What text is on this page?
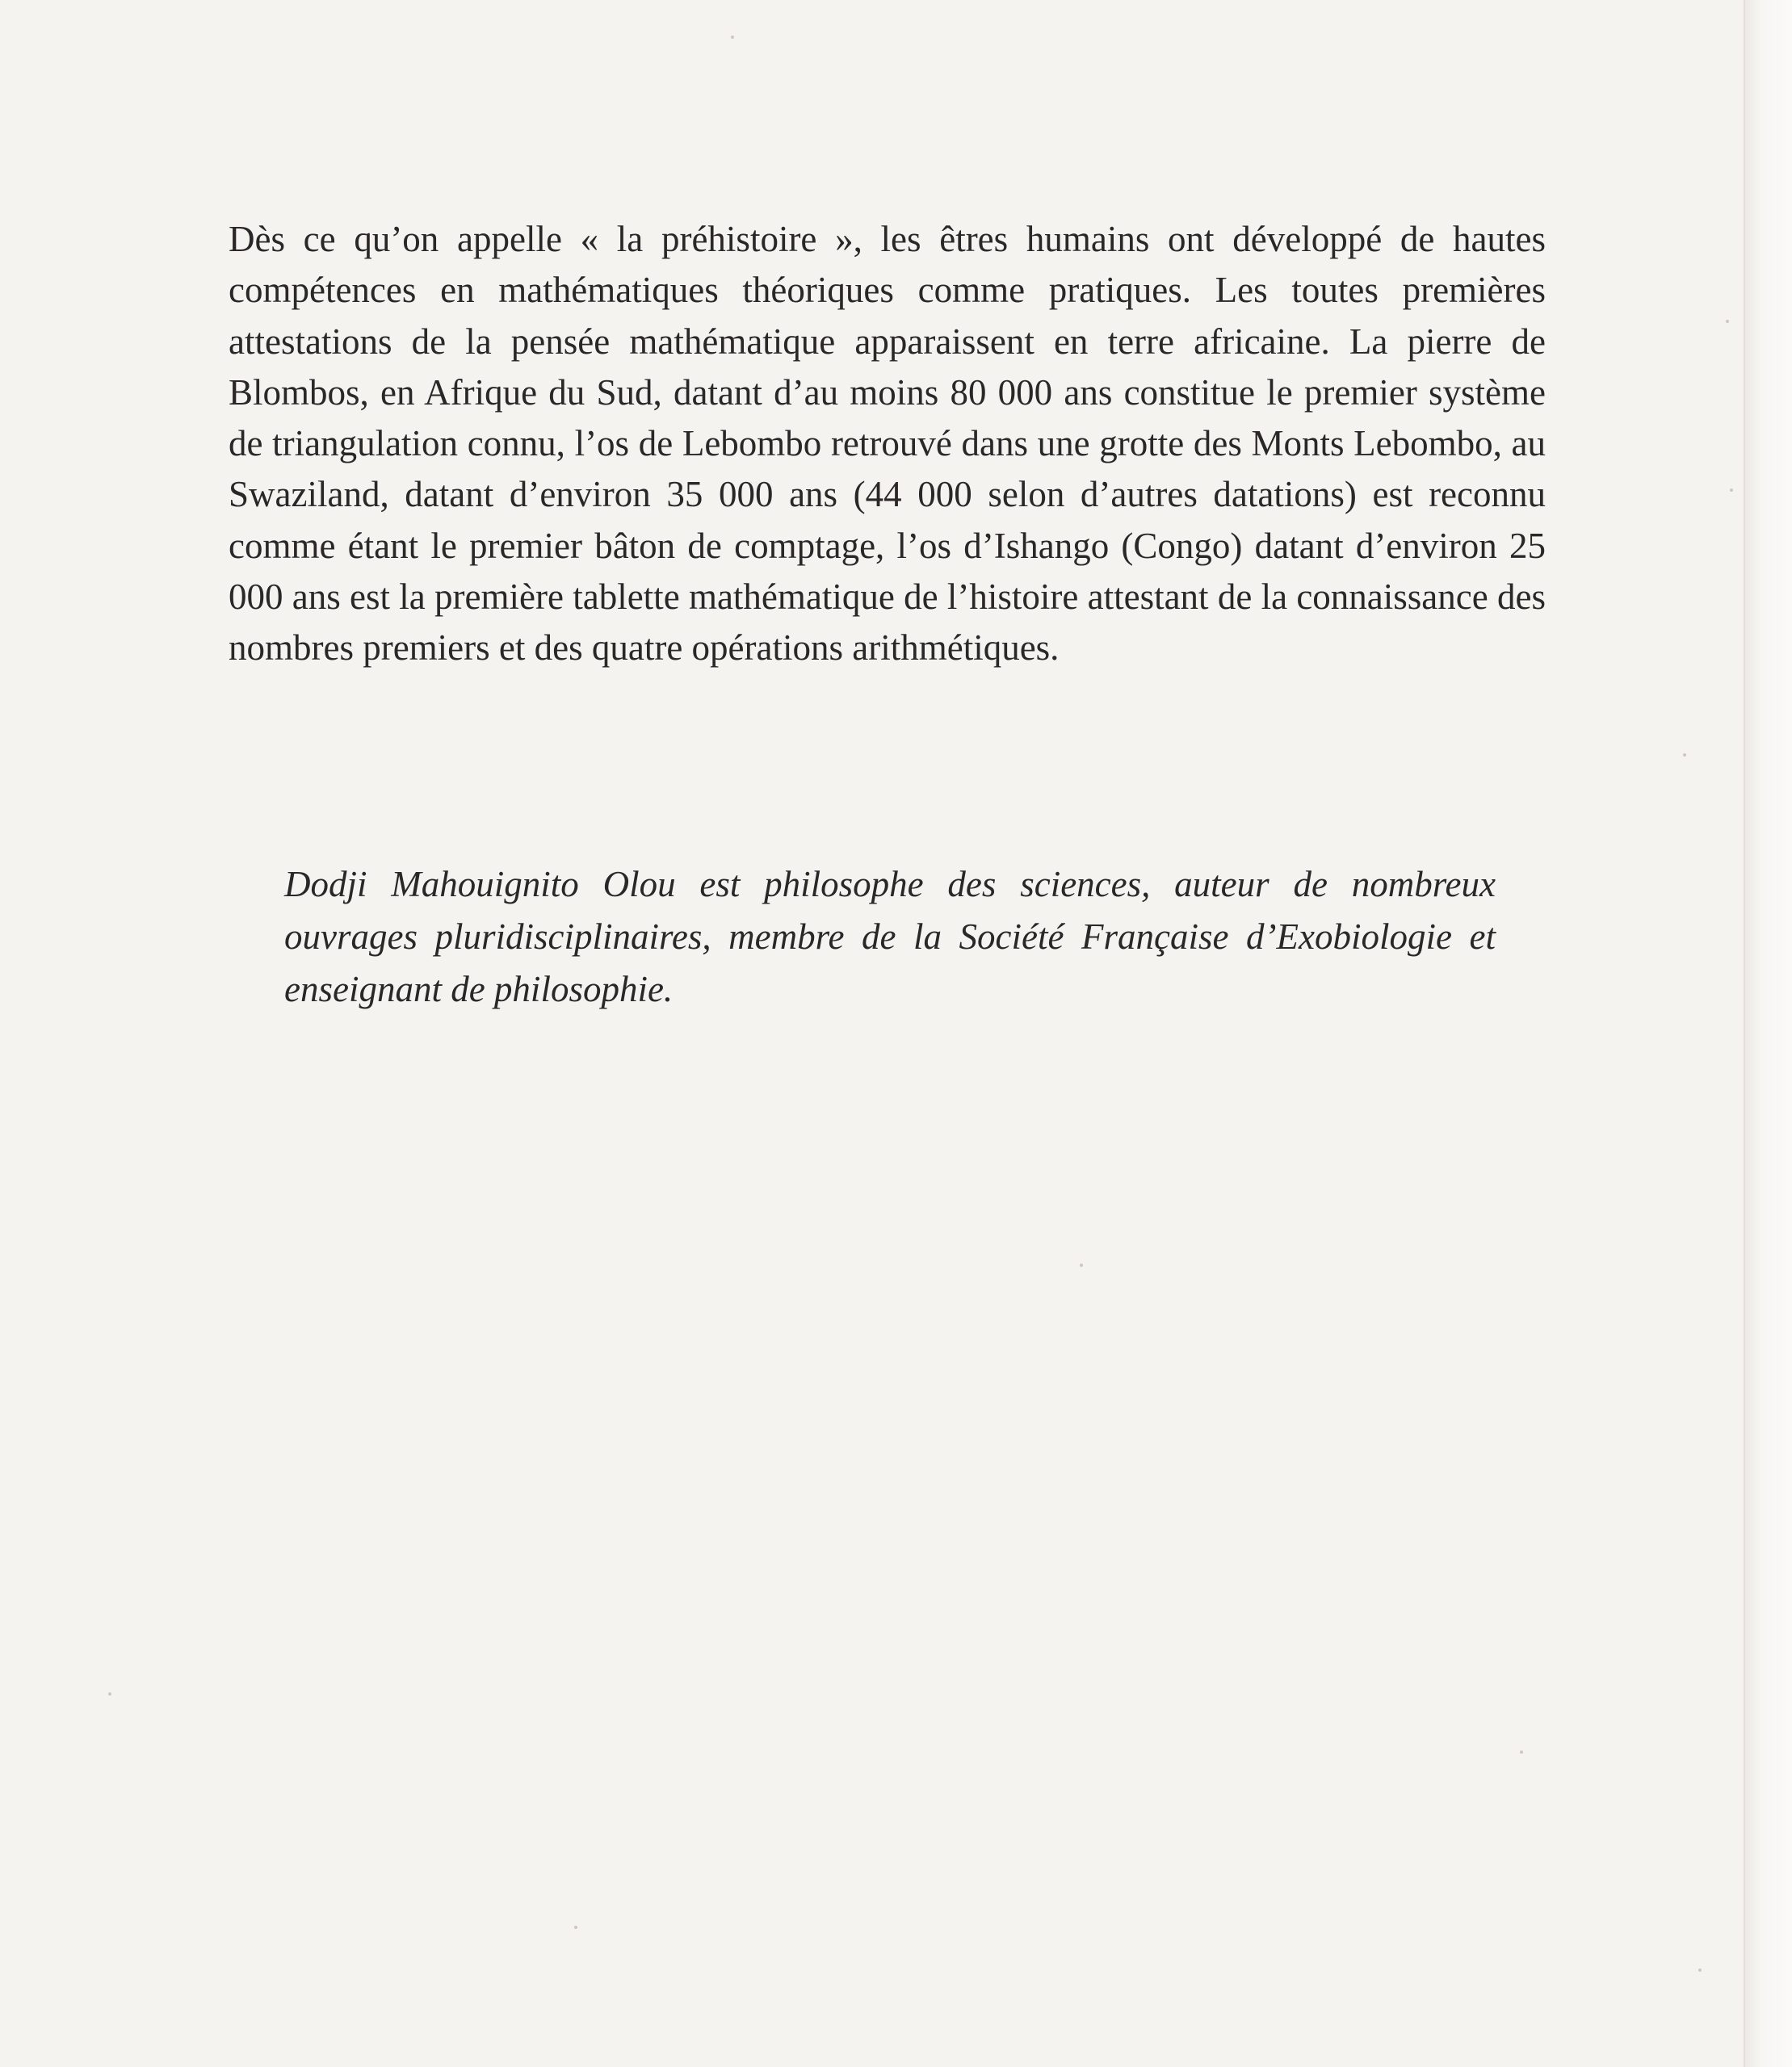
Dès ce qu’on appelle « la préhistoire », les êtres humains ont développé de hautes compétences en mathématiques théoriques comme pratiques. Les toutes premières attestations de la pensée mathématique apparaissent en terre africaine. La pierre de Blombos, en Afrique du Sud, datant d’au moins 80 000 ans constitue le premier système de triangulation connu, l’os de Lebombo retrouvé dans une grotte des Monts Lebombo, au Swaziland, datant d’environ 35 000 ans (44 000 selon d’autres datations) est reconnu comme étant le premier bâton de comptage, l’os d’Ishango (Congo) datant d’environ 25 000 ans est la première tablette mathématique de l’histoire attestant de la connaissance des nombres premiers et des quatre opérations arithmétiques.

Dodji Mahouignito Olou est philosophe des sciences, auteur de nombreux ouvrages pluridisciplinaires, membre de la Société Française d’Exobiologie et enseignant de philosophie.
